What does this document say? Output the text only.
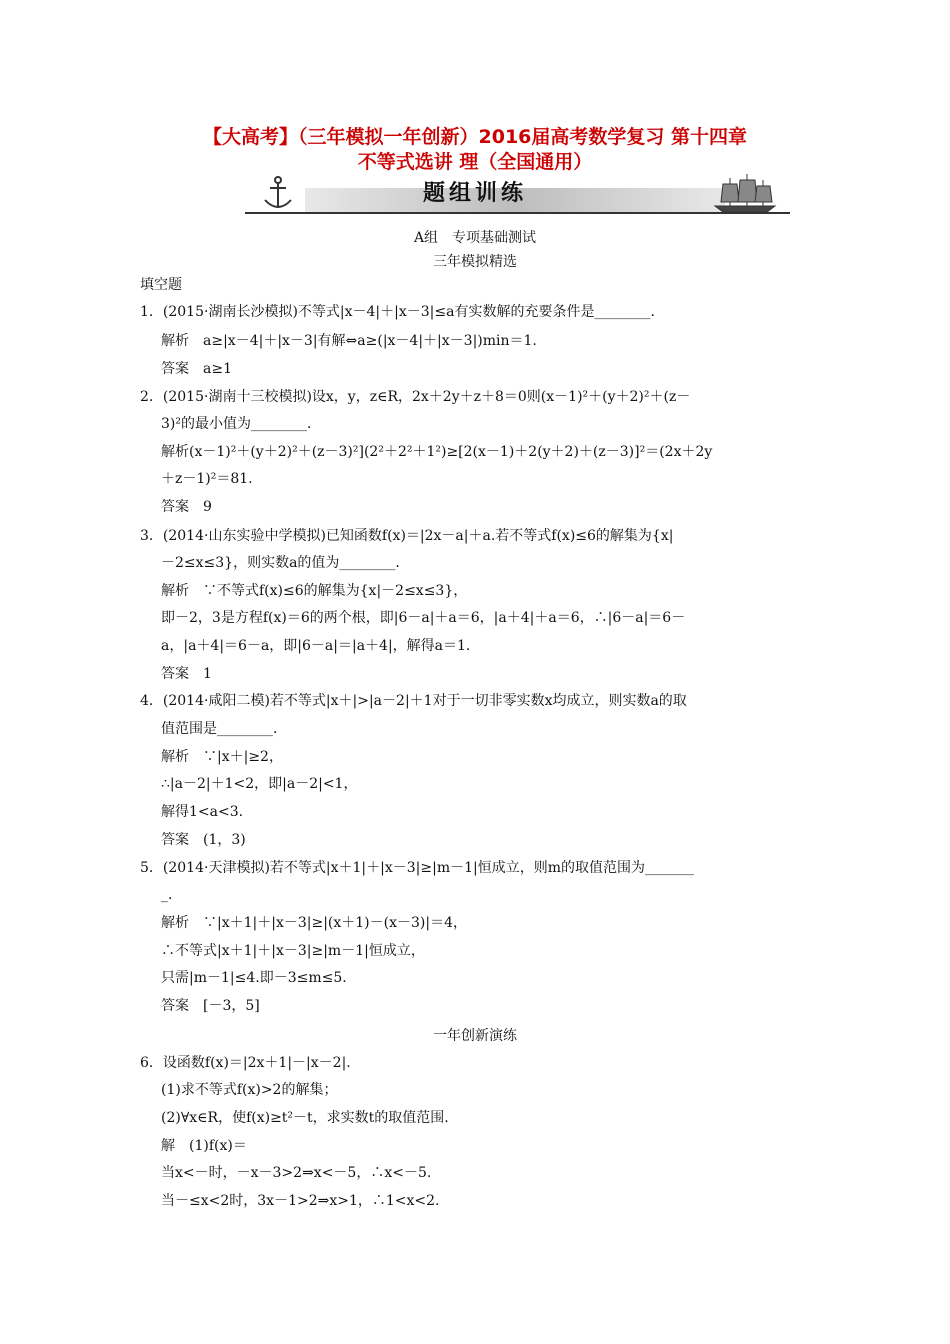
【大高考】（三年模拟一年创新）2016届高考数学复习 第十四章
不等式选讲 理（全国通用）
题组训练
A组　专项基础测试
三年模拟精选
填空题
1．(2015·湖南长沙模拟)不等式|x－4|＋|x－3|≤a有实数解的充要条件是________．
解析　a≥|x－4|＋|x－3|有解⇔a≥(|x－4|＋|x－3|)min＝1.
答案　a≥1
2．(2015·湖南十三校模拟)设x，y，z∈R，2x＋2y＋z＋8＝0则(x－1)²＋(y＋2)²＋(z－
3)²的最小值为________．
解析(x－1)²＋(y＋2)²＋(z－3)²](2²＋2²＋1²)≥[2(x－1)＋2(y＋2)＋(z－3)]²＝(2x＋2y
＋z－1)²＝81.
答案　9
3．(2014·山东实验中学模拟)已知函数f(x)＝|2x－a|＋a.若不等式f(x)≤6的解集为{x|
－2≤x≤3}，则实数a的值为________．
解析　∵不等式f(x)≤6的解集为{x|－2≤x≤3}，
即－2，3是方程f(x)＝6的两个根，即|6－a|＋a＝6，|a＋4|＋a＝6，∴|6－a|＝6－
a，|a＋4|＝6－a，即|6－a|＝|a＋4|，解得a＝1.
答案　1
4．(2014·咸阳二模)若不等式|x＋|>|a－2|＋1对于一切非零实数x均成立，则实数a的取
值范围是________．
解析　∵|x＋|≥2，
∴|a－2|＋1<2，即|a－2|<1，
解得1<a<3.
答案　(1，3)
5．(2014·天津模拟)若不等式|x＋1|＋|x－3|≥|m－1|恒成立，则m的取值范围为_______
_．
解析　∵|x＋1|＋|x－3|≥|(x＋1)－(x－3)|＝4，
∴不等式|x＋1|＋|x－3|≥|m－1|恒成立，
只需|m－1|≤4.即－3≤m≤5.
答案　[－3，5]
一年创新演练
6．设函数f(x)＝|2x＋1|－|x－2|.
(1)求不等式f(x)>2的解集；
(2)∀x∈R，使f(x)≥t²－t，求实数t的取值范围.
解　(1)f(x)＝
当x<－时，－x－3>2⇒x<－5，∴x<－5.
当－≤x<2时，3x－1>2⇒x>1，∴1<x<2.
